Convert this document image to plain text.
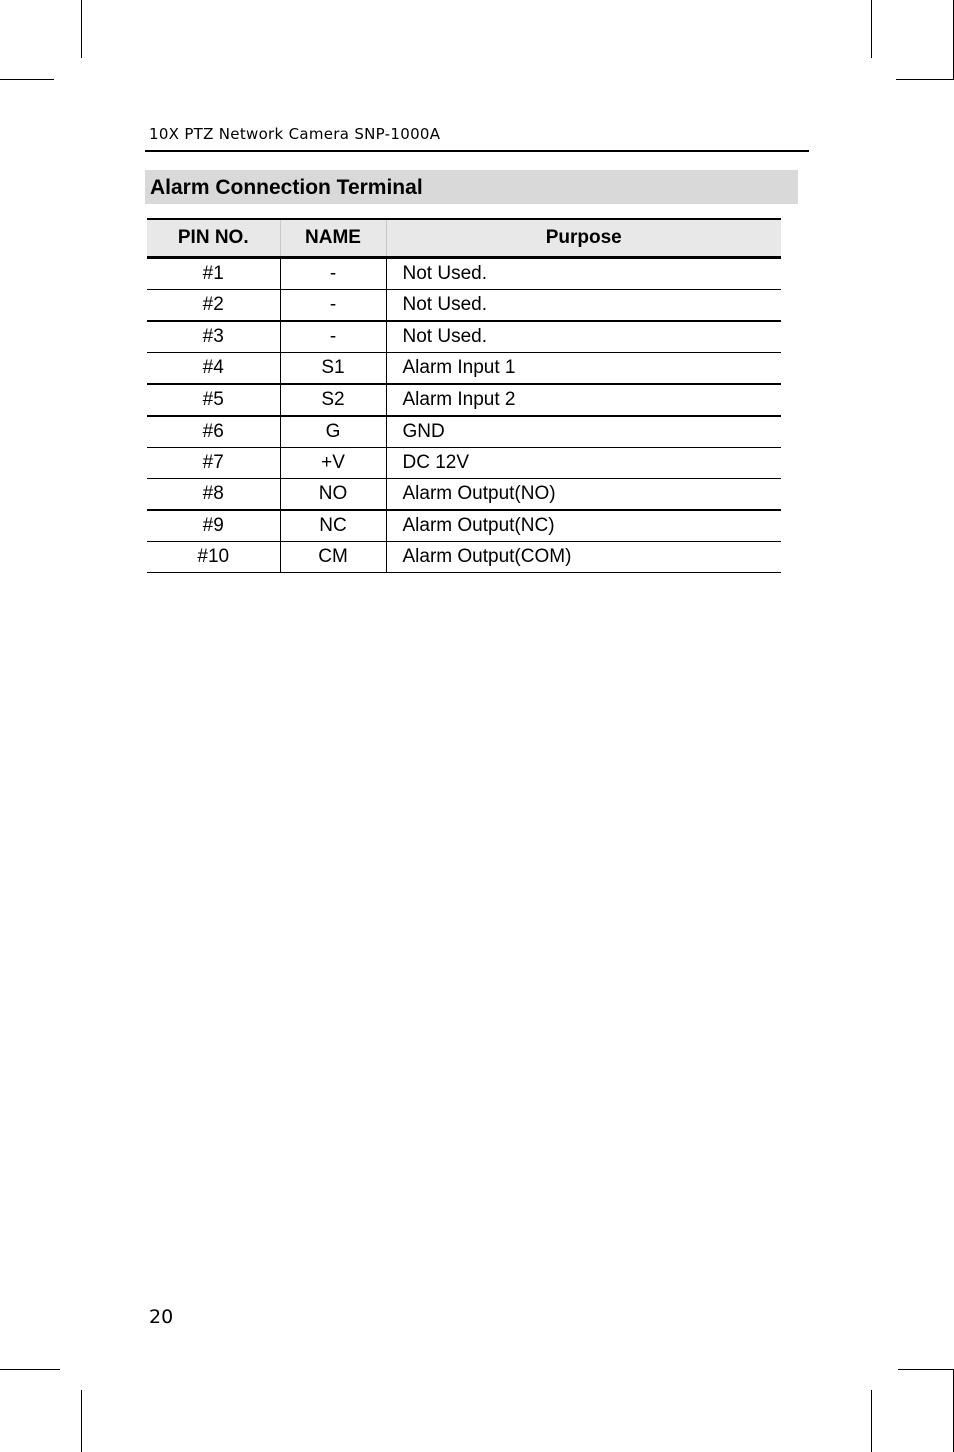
10X PTZ Network Camera SNP-1000A
Alarm Connection Terminal
PIN NO.	NAME	Purpose
#1	-	Not Used.
#2	-	Not Used.
#3	-	Not Used.
#4	S1	Alarm Input 1
#5	S2	Alarm Input 2
#6	G	GND
#7	+V	DC 12V
#8	NO	Alarm Output(NO)
#9	NC	Alarm Output(NC)
#10	CM	Alarm Output(COM)
20
